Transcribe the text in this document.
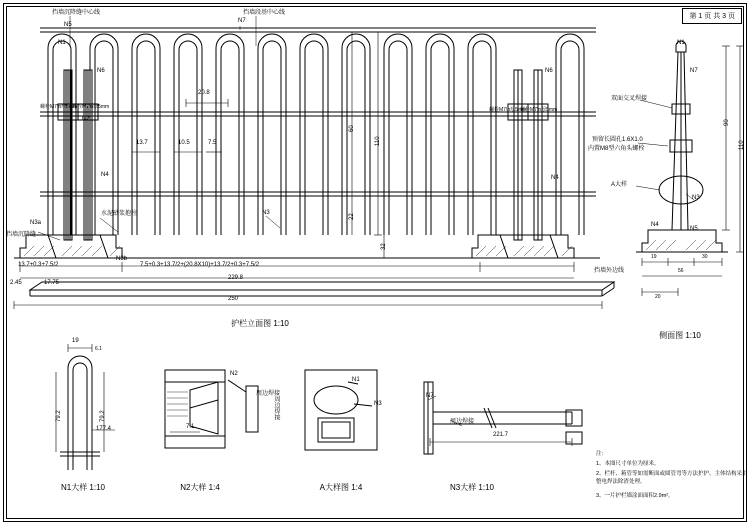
第 1 页 共 3 页
挡墙沉降缝中心线	挡墙段基中心线
N7
N5
N1
N6	N6
N2
N4	N4
N3
N3a
N3b
20.8
13.7	10.5	7.5
60
110
22
32
13.7+0.3+7.5/2	7.5+0.3+13.7/2+(20.8X10)+13.7/2+0.3+7.5/2
2.45	17.75
229.8
250
19	30
56
20
挡墙沉降缝
水泥砂浆抱柱
挡墙外边线
螺栓M7\n厚5mm
螺栓M7\n厚5mm	螺栓M7\n厚5mm
螺栓M7\n厚5mm
护栏立面图 1:10
N1
N7
双面交叉焊接
预留长圆孔1.6X1.0
内置M8型六角头螺栓
A大样
N3
N5
N4
90
110
侧面图 1:10
19
6.1
79.2	79.2
177.4
N1大样 1:10
N2
周边焊接
周边焊接
7.1
N2大样 1:4
N1
N3
A大样图 1:4
N7
周边焊接
221.7
N3大样 1:10
注:
1、本图尺寸单位为厘米。
2、栏杆、箱管等如需断面或圆管弯等方法护护、主体结构采用整电焊法除渣处理。
3、一片护栏墙涂面面积2.9m²。
